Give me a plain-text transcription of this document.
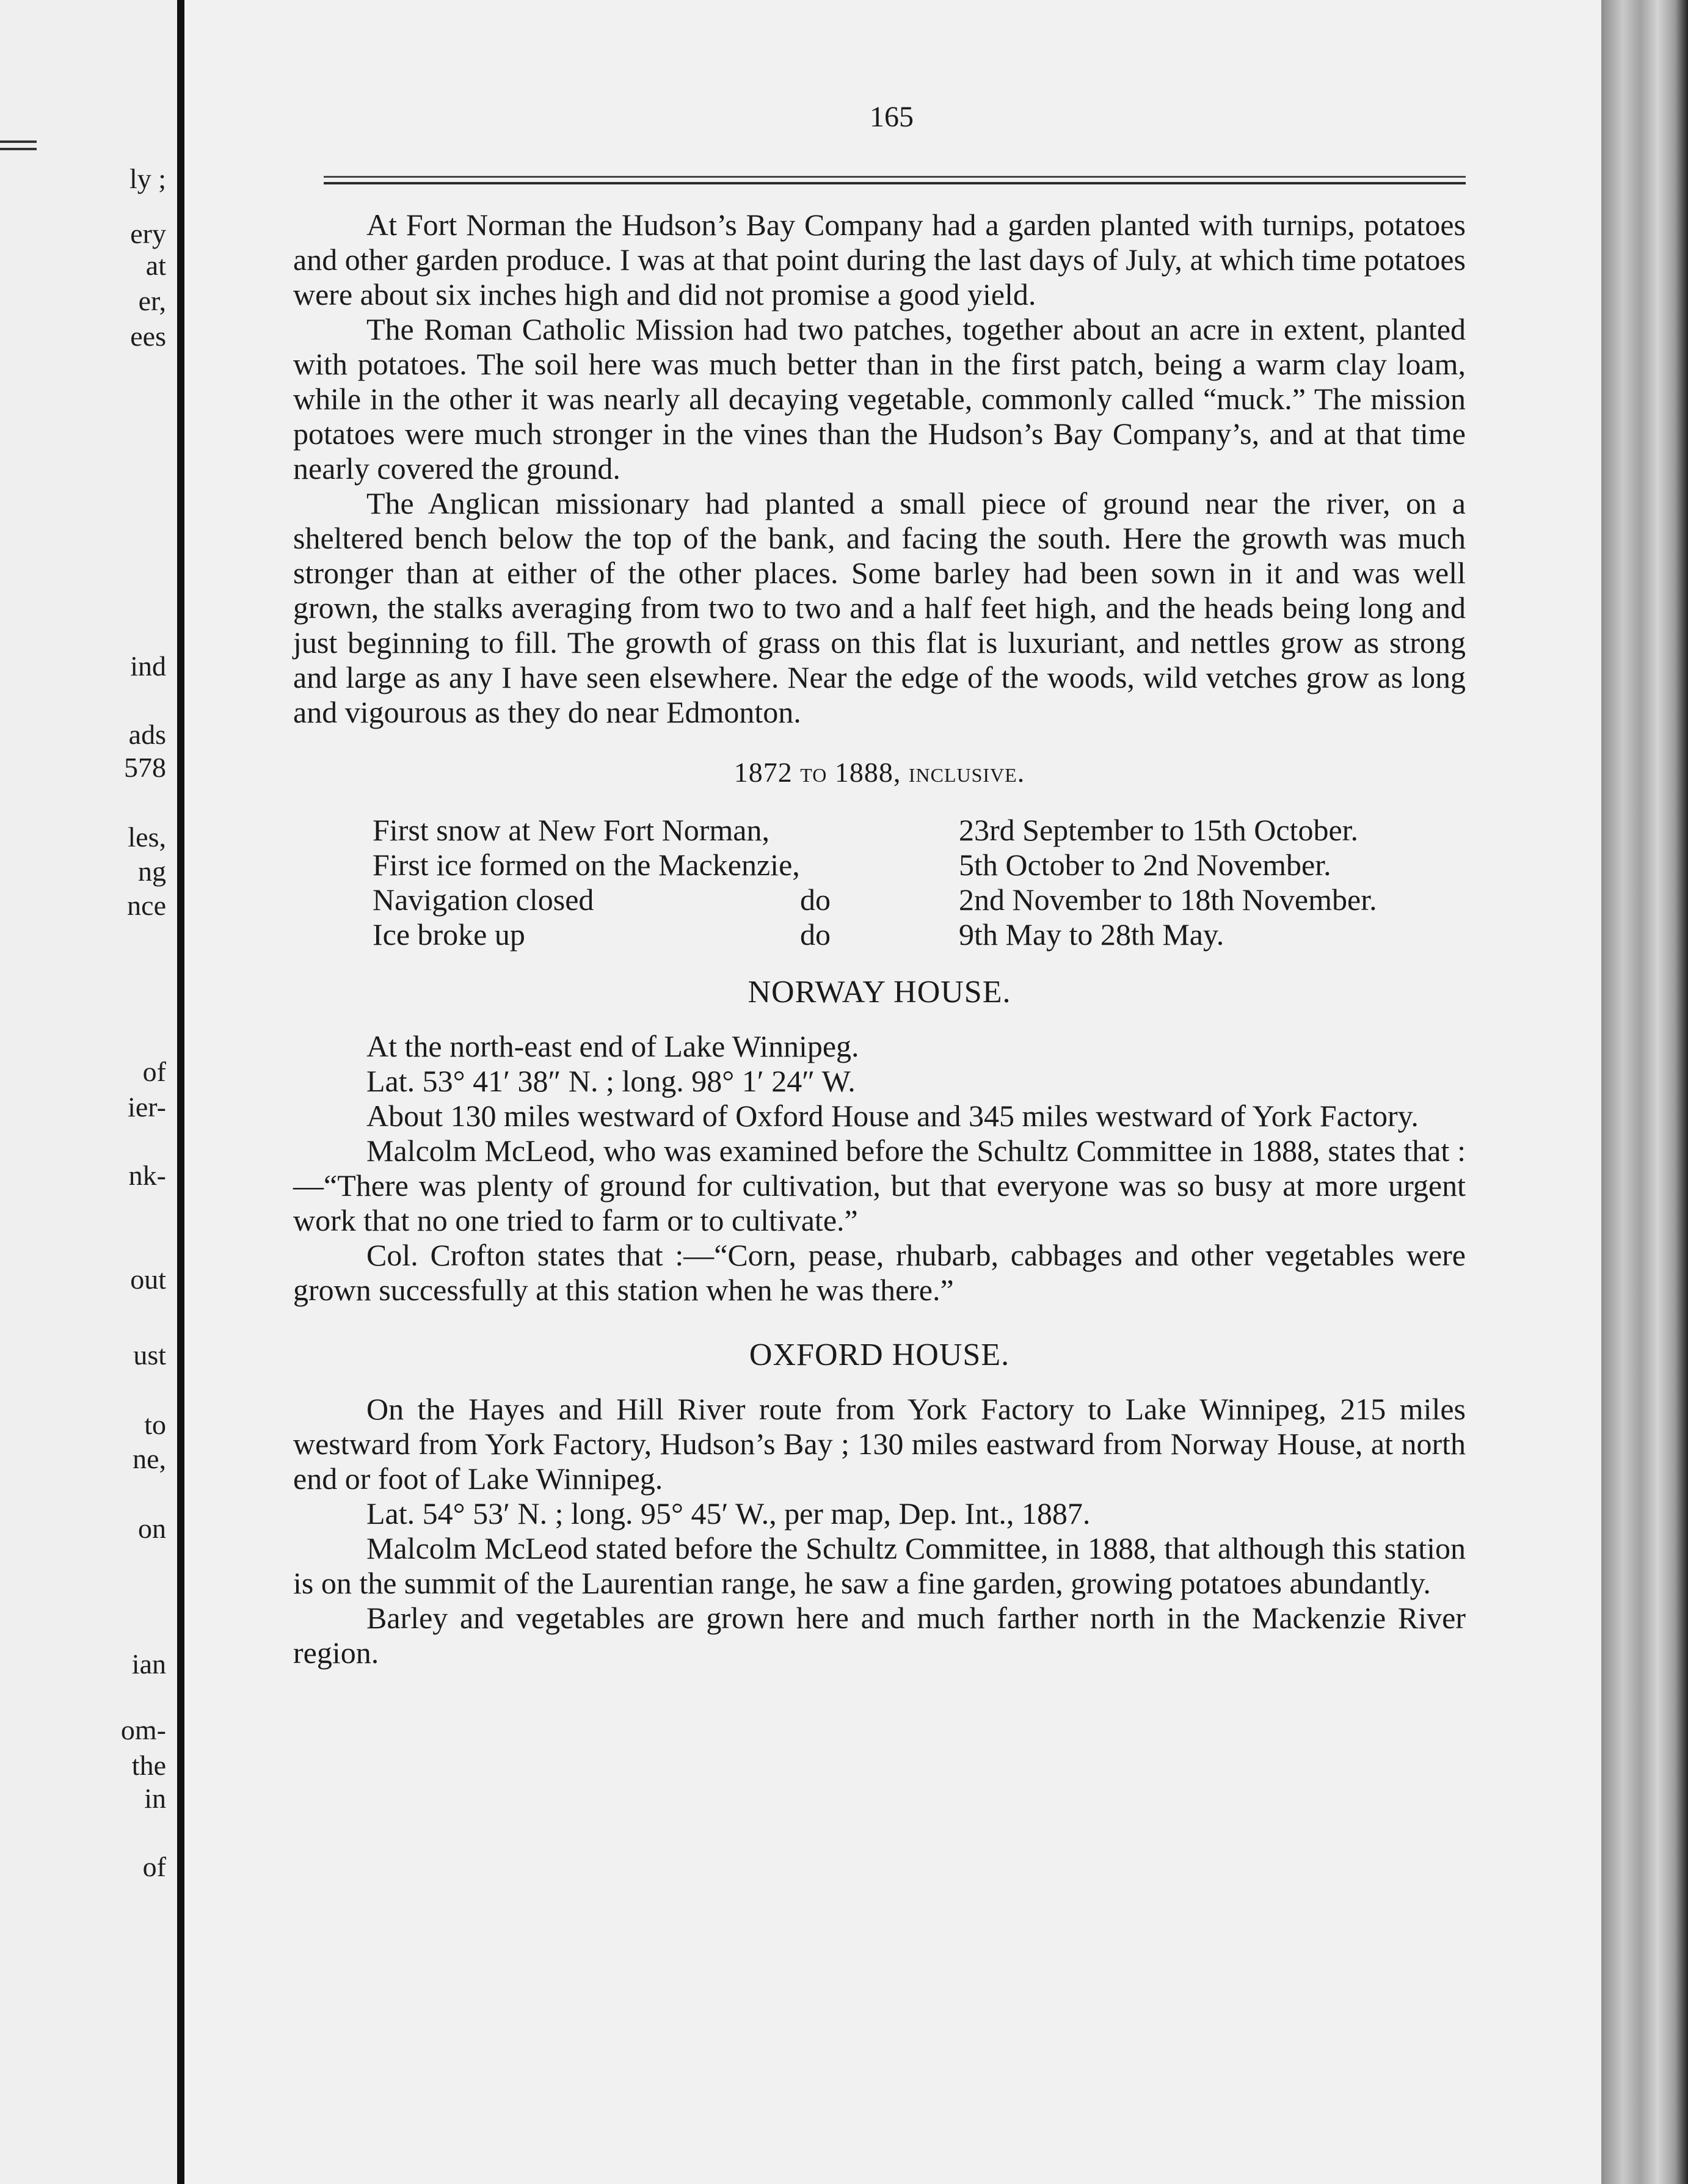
ly ;
ery
at
er,
ees
ind
ads
578
les,
ng
nce
of
ier-
nk-
out
ust
to
ne,
on
ian
om-
the
in
of
165

At Fort Norman the Hudson’s Bay Company had a garden planted with turnips, potatoes and other garden produce. I was at that point during the last days of July, at which time potatoes were about six inches high and did not promise a good yield.

The Roman Catholic Mission had two patches, together about an acre in extent, planted with potatoes. The soil here was much better than in the first patch, being a warm clay loam, while in the other it was nearly all decaying vegetable, commonly called “muck.” The mission potatoes were much stronger in the vines than the Hudson’s Bay Company’s, and at that time nearly covered the ground.

The Anglican missionary had planted a small piece of ground near the river, on a sheltered bench below the top of the bank, and facing the south. Here the growth was much stronger than at either of the other places. Some barley had been sown in it and was well grown, the stalks averaging from two to two and a half feet high, and the heads being long and just beginning to fill. The growth of grass on this flat is luxuriant, and nettles grow as strong and large as any I have seen elsewhere. Near the edge of the woods, wild vetches grow as long and vigourous as they do near Edmonton.

1872 to 1888, inclusive.

First snow at New Fort Norman,		23rd September to 15th October.
First ice formed on the Mackenzie,		5th October to 2nd November.
Navigation closed	do	2nd November to 18th November.
Ice broke up	do	9th May to 28th May.

NORWAY HOUSE.

At the north-east end of Lake Winnipeg.

Lat. 53° 41′ 38″ N. ; long. 98° 1′ 24″ W.

About 130 miles westward of Oxford House and 345 miles westward of York Factory.

Malcolm McLeod, who was examined before the Schultz Committee in 1888, states that :—“There was plenty of ground for cultivation, but that everyone was so busy at more urgent work that no one tried to farm or to cultivate.”

Col. Crofton states that :—“Corn, pease, rhubarb, cabbages and other vegetables were grown successfully at this station when he was there.”

OXFORD HOUSE.

On the Hayes and Hill River route from York Factory to Lake Winnipeg, 215 miles westward from York Factory, Hudson’s Bay ; 130 miles eastward from Norway House, at north end or foot of Lake Winnipeg.

Lat. 54° 53′ N. ; long. 95° 45′ W., per map, Dep. Int., 1887.

Malcolm McLeod stated before the Schultz Committee, in 1888, that although this station is on the summit of the Laurentian range, he saw a fine garden, growing potatoes abundantly.

Barley and vegetables are grown here and much farther north in the Mackenzie River region.
